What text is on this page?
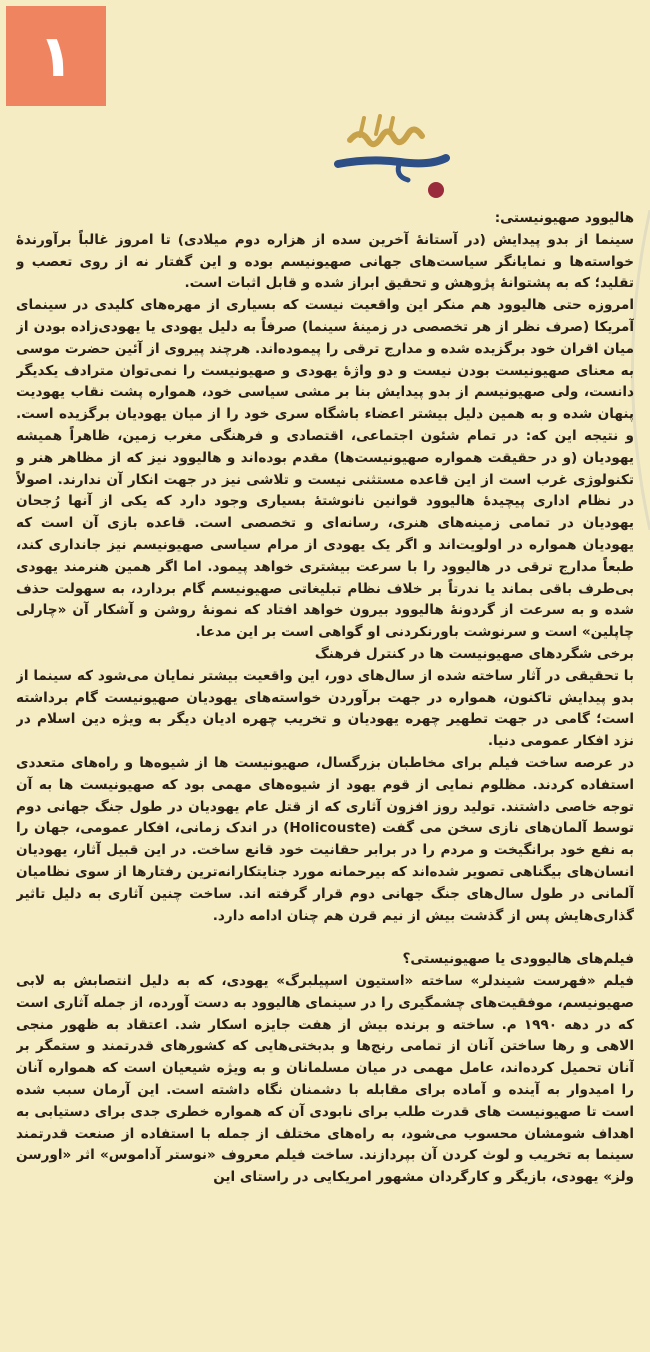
۱

هالیوود صهیونیستی:

سینما از بدو پیدایش (در آستانهٔ آخرین سده از هزاره دوم میلادی) تا امروز غالباً برآورندهٔ خواسته‌ها و نمایانگر سیاست‌های جهانی صهیونیسم بوده و این گفتار نه از روی تعصب و تقلید؛ که به پشتوانهٔ پژوهش و تحقیق ابراز شده و قابل اثبات است.

امروزه حتی هالیوود هم منکر این واقعیت نیست که بسیاری از مهره‌های کلیدی در سینمای آمریکا (صرف نظر از هر تخصصی در زمینهٔ سینما) صرفاً به دلیل یهودی یا یهودی‌زاده بودن از میان اقران خود برگزیده شده و مدارج ترقی را پیموده‌اند. هرچند پیروی از آئین حضرت موسی به معنای صهیونیست بودن نیست و دو واژهٔ یهودی و صهیونیست را نمی‌توان مترادف یکدیگر دانست، ولی صهیونیسم از بدو پیدایش بنا بر مشی سیاسی خود، همواره پشت نقاب یهودیت پنهان شده و به همین دلیل بیشتر اعضاء باشگاه سری خود را از میان یهودیان برگزیده است. و نتیجه این که: در تمام شئون اجتماعی، اقتصادی و فرهنگی مغرب زمین، ظاهراً همیشه یهودیان (و در حقیقت همواره صهیونیست‌ها) مقدم بوده‌اند و هالیوود نیز که از مظاهر هنر و تکنولوژی غرب است از این قاعده مستثنی نیست و تلاشی نیز در جهت انکار آن ندارند. اصولاً در نظام اداری پیچیدهٔ هالیوود قوانین نانوشتهٔ بسیاری وجود دارد که یکی از آنها رُجحان یهودیان در تمامی زمینه‌های هنری، رسانه‌ای و تخصصی است. قاعده بازی آن است که یهودیان همواره در اولویت‌اند و اگر یک یهودی از مرام سیاسی صهیونیسم نیز جانداری کند، طبعاً مدارج ترقی در هالیوود را با سرعت بیشتری خواهد پیمود. اما اگر همین هنرمند یهودی بی‌طرف باقی بماند یا ندرتاً بر خلاف نظام تبلیغاتی صهیونیسم گام بردارد، به سهولت حذف شده و به سرعت از گردونهٔ هالیوود بیرون خواهد افتاد که نمونهٔ روشن و آشکار آن «چارلی چاپلین» است و سرنوشت باورنکردنی او گواهی است بر این مدعا.

برخی شگردهای صهیونیست ها در کنترل فرهنگ

با تحقیقی در آثار ساخته شده از سال‌های دور، این واقعیت بیشتر نمایان می‌شود که سینما از بدو پیدایش تاکنون، همواره در جهت برآوردن خواسته‌های یهودیان صهیونیست گام برداشته است؛ گامی در جهت تطهیر چهره یهودیان و تخریب چهره ادیان دیگر به ویژه دین اسلام در نزد افکار عمومی دنیا.

در عرصه ساخت فیلم برای مخاطبان بزرگسال، صهیونیست ها از شیوه‌ها و راه‌های متعددی استفاده کردند. مظلوم نمایی از قوم یهود از شیوه‌های مهمی بود که صهیونیست ها به آن توجه خاصی داشتند. تولید روز افزون آثاری که از قتل عام یهودیان در طول جنگ جهانی دوم توسط آلمان‌های نازی سخن می گفت (Holicouste) در اندک زمانی، افکار عمومی، جهان را به نفع خود برانگیخت و مردم را در برابر حقانیت خود قانع ساخت. در این قبیل آثار، یهودیان انسان‌های بیگناهی تصویر شده‌اند که بیرحمانه مورد جنایتکارانه‌ترین رفتارها از سوی نظامیان آلمانی در طول سال‌های جنگ جهانی دوم قرار گرفته اند. ساخت چنین آثاری به دلیل تاثیر گذاری‌هایش پس از گذشت بیش از نیم قرن هم چنان ادامه دارد.

فیلم‌های هالیوودی یا صهیونیستی؟

فیلم «فهرست شیندلر» ساخته «استیون اسپیلبرگ» یهودی، که به دلیل انتصابش به لابی صهیونیسم، موفقیت‌های چشمگیری را در سینمای هالیوود به دست آورده، از جمله آثاری است که در دهه ۱۹۹۰ م. ساخته و برنده بیش از هفت جایزه اسکار شد. اعتقاد به ظهور منجی الاهی و رها ساختن آنان از تمامی رنج‌ها و بدبختی‌هایی که کشورهای قدرتمند و ستمگر بر آنان تحمیل کرده‌اند، عامل مهمی در میان مسلمانان و به ویژه شیعیان است که همواره آنان را امیدوار به آینده و آماده برای مقابله با دشمنان نگاه داشته است. این آرمان سبب شده است تا صهیونیست های قدرت طلب برای نابودی آن که همواره خطری جدی برای دستیابی به اهداف شومشان محسوب می‌شود، به راه‌های مختلف از جمله با استفاده از صنعت قدرتمند سینما به تخریب و لوث کردن آن بپردازند. ساخت فیلم معروف «نوستر آداموس» اثر «اورسن ولز» یهودی، بازیگر و کارگردان مشهور امریکایی در راستای این
